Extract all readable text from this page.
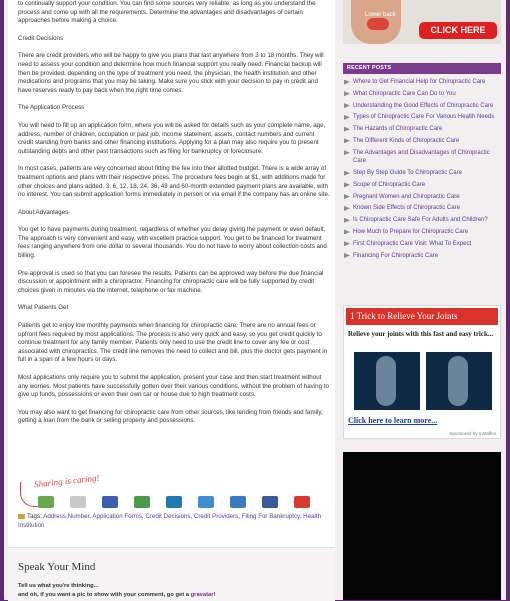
to continually support your condition. You can find some sources very reliable, as long as you understand the process and come up with all the requirements. Determine the advantages and disadvantages of certain approaches before making a choice.

Credit Decisions

There are credit providers who will be happy to give you plans that last anywhere from 3 to 18 months. They will need to assess your condition and determine how much financial support you really need. Financial backup will then be provided, depending on the type of treatment you need, the physician, the health institution and other medications and programs that you may be taking. Make sure you stick with your decision to pay in credit and have reserves ready to pay back when the right time comes.

The Application Process

You will need to fill up an application form, where you will be asked for details such as your complete name, age, address, number of children, occupation or past job, income statement, assets, contact numbers and current credit standing from banks and other financing institutions. Applying for a plan may also require you to present outstanding debts and other past transactions such as filing for bankruptcy or foreclosure.

In most cases, patients are very concerned about fitting the fee into their allotted budget. There is a wide array of treatment options and plans with their respective prices. The procedure fees begin at $1, with additions made for other choices and plans added. 3, 6, 12, 18, 24, 36, 48 and 60-month extended payment plans are available, with no interest. You can submit application forms immediately in person or via email if the company has an online site.

About Advantages

You get to have payments during treatment, regardless of whether you delay giving the payment or even default. The approach is very convenient and easy, with excellent practice support. You get to be financed for treatment fees ranging anywhere from one dollar to several thousands. You do not have to worry about collection costs and billing.

Pre-approval is used so that you can foresee the results. Patients can be approved way before the due financial discussion or appointment with a chiropractor. Financing for chiropractic care will be fully supported by credit choices given in minutes via the internet, telephone or fax machine.

What Patients Get

Patients get to enjoy low monthly payments when financing for chiropractic care. There are no annual fees or upfront fees required by most applications. The process is also very quick and easy, so you get credit quickly to continue treatment for any family member. Patients only need to use the credit line to cover any fee or cost associated with chiropractics. The credit line removes the need to collect and bill, plus the doctor gets payment in full in a span of a few hours or days.

Most applications only require you to submit the application, present your case and then start treatment without any worries. Most patients have successfully gotten over their various conditions, without the problem of having to give up funds, possessions or even their own car or house due to high treatment costs.

You may also want to get financing for chiropractic care from other sources, like lending from friends and family, getting a loan from the bank or selling property and possessions.

Sharing is caring!
Tags: Address Number, Application Forms, Credit Decisions, Credit Providers, Filing For Bankruptcy, Health Institution
Speak Your Mind
Tell us what you're thinking...
and oh, if you want a pic to show with your comment, go get a gravatar!
Lower back
CLICK HERE
RECENT POSTS
Where to Get Financial Help for Chiropractic Care
What Chiropractic Care Can Do to You
Understanding the Good Effects of Chiropractic Care
Types of Chiropractic Care For Various Health Needs
The Hazards of Chiropractic Care
The Different Kinds of Chiropractic Care
The Advantages and Disadvantages of Chiropractic Care
Step By Step Guide To Chiropractic Care
Scope of Chiropractic Care
Pregnant Women and Chiropractic Care
Known Side Effects of Chiropractic Care
Is Chiropractic Care Safe For Adults and Children?
How Much to Prepare for Chiropractic Care
First Chiropractic Care Visit: What To Expect
Financing For Chiropractic Care
1 Trick to Relieve Your Joints
Relieve your joints with this fast and easy trick...
Click here to learn more...
Sponsored by Instaflex
